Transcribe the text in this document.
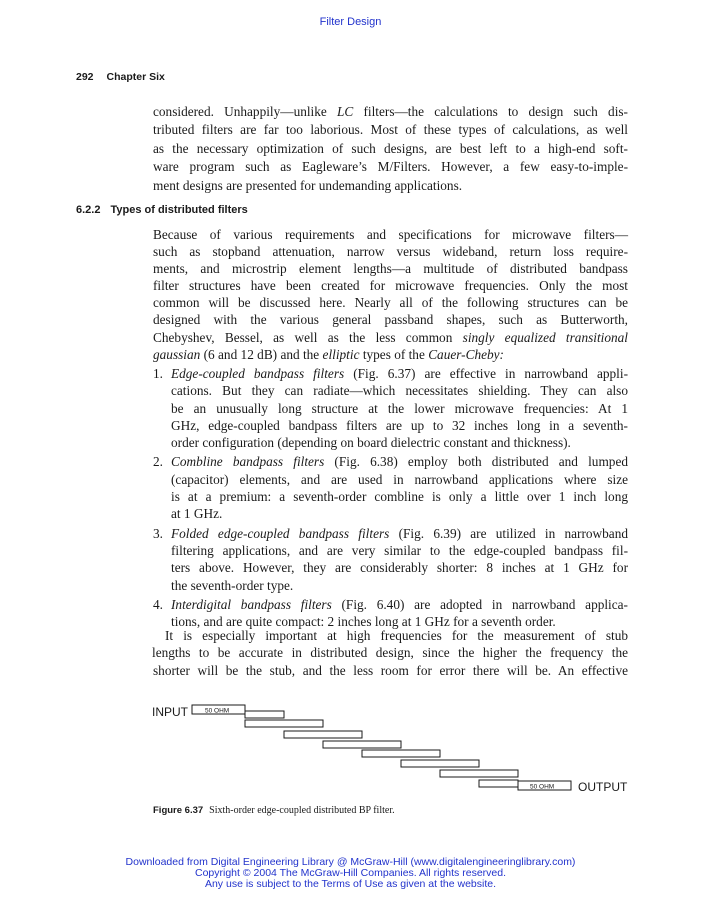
Filter Design
292 Chapter Six
considered. Unhappily—unlike LC filters—the calculations to design such dis-
tributed filters are far too laborious. Most of these types of calculations, as well
as the necessary optimization of such designs, are best left to a high-end soft-
ware program such as Eagleware’s M/Filters. However, a few easy-to-imple-
ment designs are presented for undemanding applications.
6.2.2 Types of distributed filters
Because of various requirements and specifications for microwave filters—
such as stopband attenuation, narrow versus wideband, return loss require-
ments, and microstrip element lengths—a multitude of distributed bandpass
filter structures have been created for microwave frequencies. Only the most
common will be discussed here. Nearly all of the following structures can be
designed with the various general passband shapes, such as Butterworth,
Chebyshev, Bessel, as well as the less common singly equalized transitional
gaussian (6 and 12 dB) and the elliptic types of the Cauer-Cheby:
1. Edge-coupled bandpass filters (Fig. 6.37) are effective in narrowband appli-
cations. But they can radiate—which necessitates shielding. They can also
be an unusually long structure at the lower microwave frequencies: At 1
GHz, edge-coupled bandpass filters are up to 32 inches long in a seventh-
order configuration (depending on board dielectric constant and thickness).
2. Combline bandpass filters (Fig. 6.38) employ both distributed and lumped
(capacitor) elements, and are used in narrowband applications where size
is at a premium: a seventh-order combline is only a little over 1 inch long
at 1 GHz.
3. Folded edge-coupled bandpass filters (Fig. 6.39) are utilized in narrowband
filtering applications, and are very similar to the edge-coupled bandpass fil-
ters above. However, they are considerably shorter: 8 inches at 1 GHz for
the seventh-order type.
4. Interdigital bandpass filters (Fig. 6.40) are adopted in narrowband applica-
tions, and are quite compact: 2 inches long at 1 GHz for a seventh order.
It is especially important at high frequencies for the measurement of stub
lengths to be accurate in distributed design, since the higher the frequency the
shorter will be the stub, and the less room for error there will be. An effective
INPUT	50 OHM
50 OHM OUTPUT
Figure 6.37 Sixth-order edge-coupled distributed BP filter.
Downloaded from Digital Engineering Library @ McGraw-Hill (www.digitalengineeringlibrary.com)
Copyright © 2004 The McGraw-Hill Companies. All rights reserved.
Any use is subject to the Terms of Use as given at the website.
